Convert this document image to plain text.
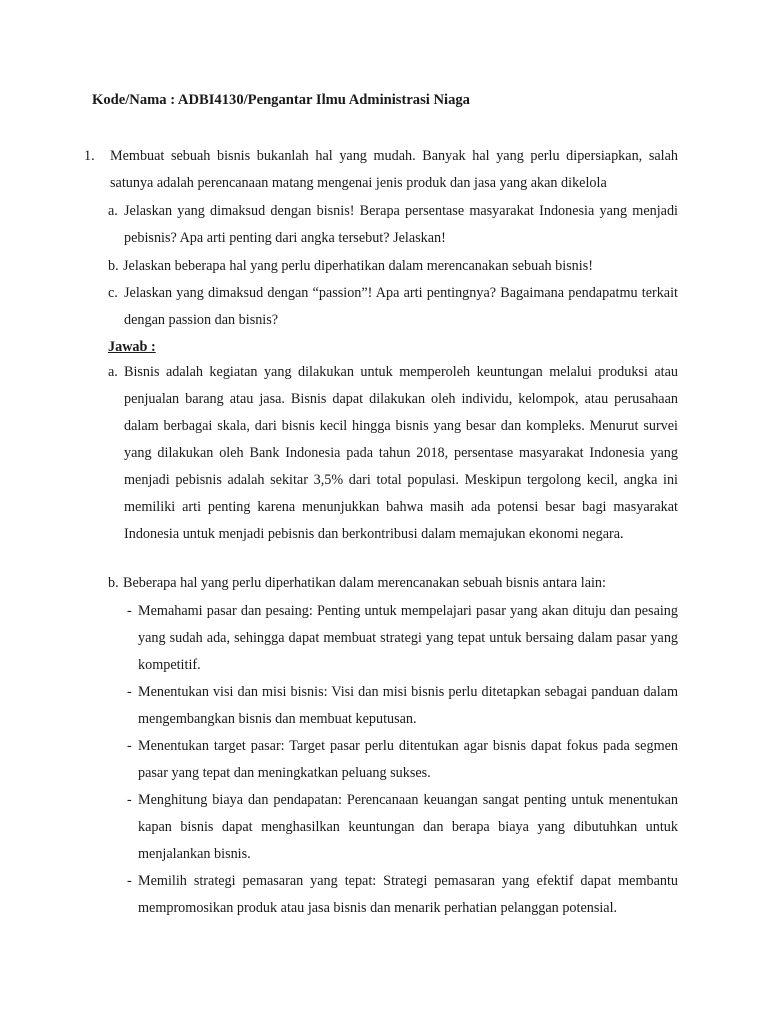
Kode/Nama : ADBI4130/Pengantar Ilmu Administrasi Niaga
1. Membuat sebuah bisnis bukanlah hal yang mudah. Banyak hal yang perlu dipersiapkan, salah satunya adalah perencanaan matang mengenai jenis produk dan jasa yang akan dikelola
a. Jelaskan yang dimaksud dengan bisnis! Berapa persentase masyarakat Indonesia yang menjadi pebisnis? Apa arti penting dari angka tersebut? Jelaskan!
b. Jelaskan beberapa hal yang perlu diperhatikan dalam merencanakan sebuah bisnis!
c. Jelaskan yang dimaksud dengan “passion”! Apa arti pentingnya? Bagaimana pendapatmu terkait dengan passion dan bisnis?
Jawab :
a. Bisnis adalah kegiatan yang dilakukan untuk memperoleh keuntungan melalui produksi atau penjualan barang atau jasa. Bisnis dapat dilakukan oleh individu, kelompok, atau perusahaan dalam berbagai skala, dari bisnis kecil hingga bisnis yang besar dan kompleks. Menurut survei yang dilakukan oleh Bank Indonesia pada tahun 2018, persentase masyarakat Indonesia yang menjadi pebisnis adalah sekitar 3,5% dari total populasi. Meskipun tergolong kecil, angka ini memiliki arti penting karena menunjukkan bahwa masih ada potensi besar bagi masyarakat Indonesia untuk menjadi pebisnis dan berkontribusi dalam memajukan ekonomi negara.
b. Beberapa hal yang perlu diperhatikan dalam merencanakan sebuah bisnis antara lain:
- Memahami pasar dan pesaing: Penting untuk mempelajari pasar yang akan dituju dan pesaing yang sudah ada, sehingga dapat membuat strategi yang tepat untuk bersaing dalam pasar yang kompetitif.
- Menentukan visi dan misi bisnis: Visi dan misi bisnis perlu ditetapkan sebagai panduan dalam mengembangkan bisnis dan membuat keputusan.
- Menentukan target pasar: Target pasar perlu ditentukan agar bisnis dapat fokus pada segmen pasar yang tepat dan meningkatkan peluang sukses.
- Menghitung biaya dan pendapatan: Perencanaan keuangan sangat penting untuk menentukan kapan bisnis dapat menghasilkan keuntungan dan berapa biaya yang dibutuhkan untuk menjalankan bisnis.
- Memilih strategi pemasaran yang tepat: Strategi pemasaran yang efektif dapat membantu mempromosikan produk atau jasa bisnis dan menarik perhatian pelanggan potensial.
